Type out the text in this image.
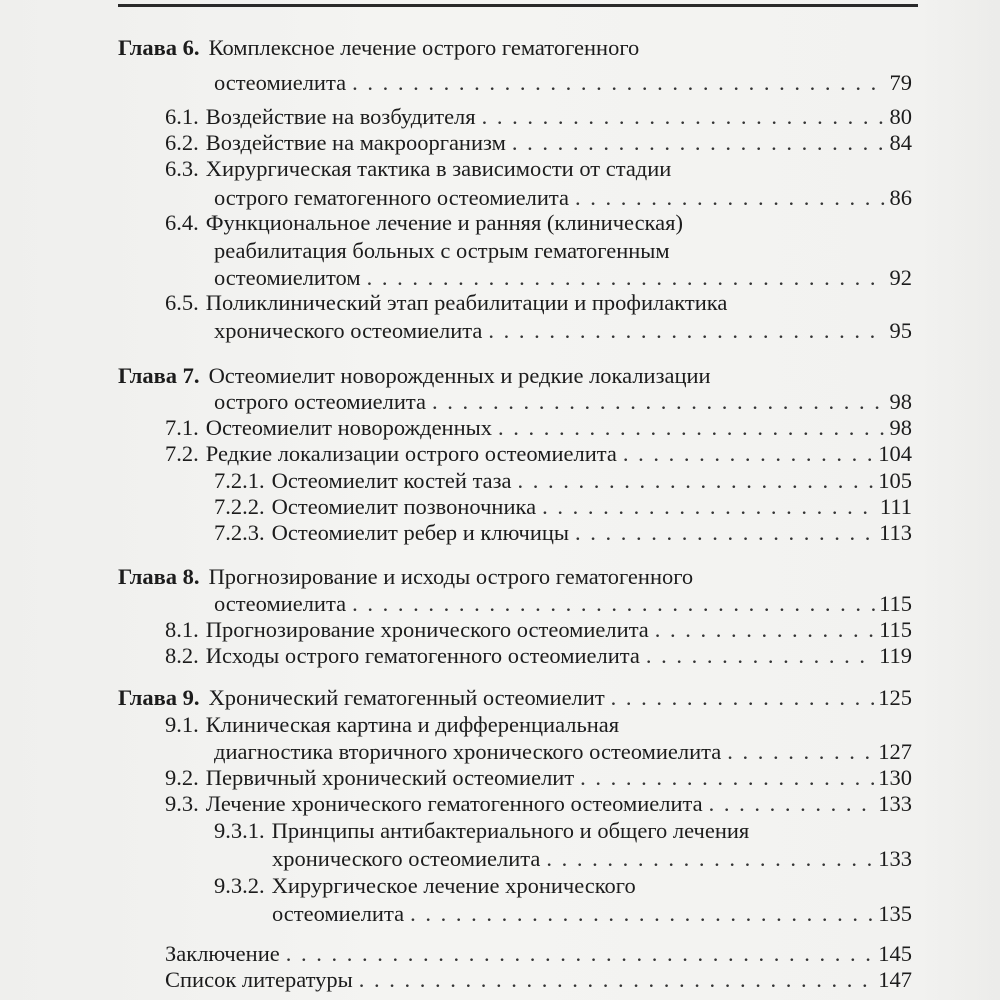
Глава 6. Комплексное лечение острого гематогенного
остеомиелита . . .	79
6.1. Воздействие на возбудителя . . .	80
6.2. Воздействие на макроорганизм . . .	84
6.3. Хирургическая тактика в зависимости от стадии
острого гематогенного остеомиелита . . .	86
6.4. Функциональное лечение и ранняя (клиническая)
реабилитация больных с острым гематогенным
остеомиелитом . . .	92
6.5. Поликлинический этап реабилитации и профилактика
хронического остеомиелита . . .	95
Глава 7. Остеомиелит новорожденных и редкие локализации
острого остеомиелита . . .	98
7.1. Остеомиелит новорожденных . . .	98
7.2. Редкие локализации острого остеомиелита . . .	104
7.2.1. Остеомиелит костей таза . . .	105
7.2.2. Остеомиелит позвоночника . . .	111
7.2.3. Остеомиелит ребер и ключицы . . .	113
Глава 8. Прогнозирование и исходы острого гематогенного
остеомиелита . . .	115
8.1. Прогнозирование хронического остеомиелита . . .	115
8.2. Исходы острого гематогенного остеомиелита . . .	119
Глава 9. Хронический гематогенный остеомиелит . . .	125
9.1. Клиническая картина и дифференциальная
диагностика вторичного хронического остеомиелита . . .	127
9.2. Первичный хронический остеомиелит . . .	130
9.3. Лечение хронического гематогенного остеомиелита . . .	133
9.3.1. Принципы антибактериального и общего лечения
хронического остеомиелита . . .	133
9.3.2. Хирургическое лечение хронического
остеомиелита . . .	135
Заключение . . .	145
Список литературы . . .	147
